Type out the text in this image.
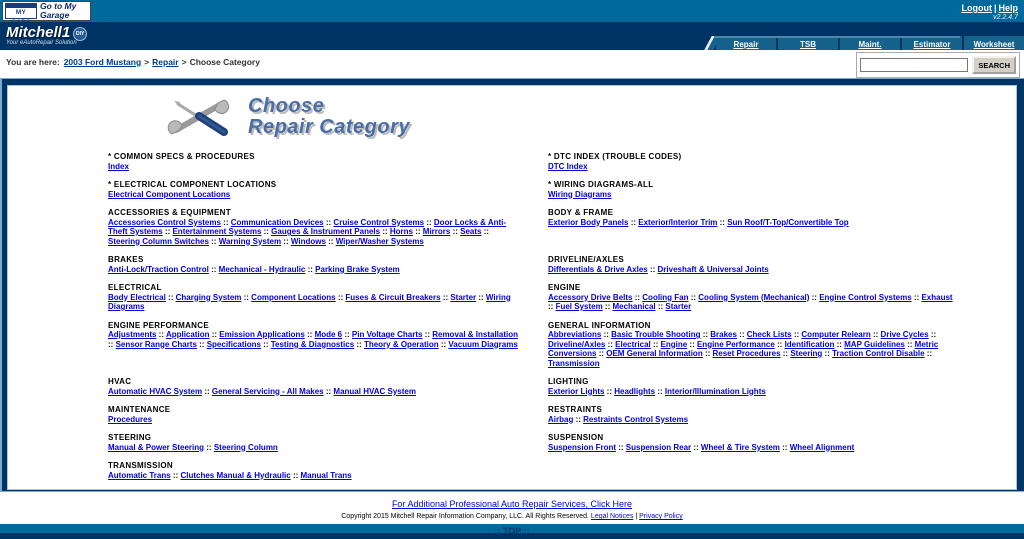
MY
Go to My Garage
Logout | Help
v2.2.4.7
Mitchell1 DIY
Your eAutoRepair Solution	Repair	TSB	Maint.	Estimator	Worksheet
You are here: 2003 Ford Mustang > Repair > Choose Category	SEARCH
Choose
Repair Category
* COMMON SPECS & PROCEDURES
Index
* DTC INDEX (TROUBLE CODES)
DTC Index
* ELECTRICAL COMPONENT LOCATIONS
Electrical Component Locations
* WIRING DIAGRAMS-ALL
Wiring Diagrams
ACCESSORIES & EQUIPMENT
Accessories Control Systems :: Communication Devices :: Cruise Control Systems :: Door Locks & Anti-Theft Systems :: Entertainment Systems :: Gauges & Instrument Panels :: Horns :: Mirrors :: Seats :: Steering Column Switches :: Warning System :: Windows :: Wiper/Washer Systems
BODY & FRAME
Exterior Body Panels :: Exterior/Interior Trim :: Sun Roof/T-Top/Convertible Top
BRAKES
Anti-Lock/Traction Control :: Mechanical - Hydraulic :: Parking Brake System
DRIVELINE/AXLES
Differentials & Drive Axles :: Driveshaft & Universal Joints
ELECTRICAL
Body Electrical :: Charging System :: Component Locations :: Fuses & Circuit Breakers :: Starter :: Wiring Diagrams
ENGINE
Accessory Drive Belts :: Cooling Fan :: Cooling System (Mechanical) :: Engine Control Systems :: Exhaust :: Fuel System :: Mechanical :: Starter
ENGINE PERFORMANCE
Adjustments :: Application :: Emission Applications :: Mode 6 :: Pin Voltage Charts :: Removal & Installation :: Sensor Range Charts :: Specifications :: Testing & Diagnostics :: Theory & Operation :: Vacuum Diagrams
GENERAL INFORMATION
Abbreviations :: Basic Trouble Shooting :: Brakes :: Check Lists :: Computer Relearn :: Drive Cycles :: Driveline/Axles :: Electrical :: Engine :: Engine Performance :: Identification :: MAP Guidelines :: Metric Conversions :: OEM General Information :: Reset Procedures :: Steering :: Traction Control Disable :: Transmission
HVAC
Automatic HVAC System :: General Servicing - All Makes :: Manual HVAC System
LIGHTING
Exterior Lights :: Headlights :: Interior/Illumination Lights
MAINTENANCE
Procedures
RESTRAINTS
Airbag :: Restraints Control Systems
STEERING
Manual & Power Steering :: Steering Column
SUSPENSION
Suspension Front :: Suspension Rear :: Wheel & Tire System :: Wheel Alignment
TRANSMISSION
Automatic Trans :: Clutches Manual & Hydraulic :: Manual Trans
For Additional Professional Auto Repair Services, Click Here
Copyright 2015 Mitchell Repair Information Company, LLC. All Rights Reserved. Legal Notices | Privacy Policy
:: TOP ::
